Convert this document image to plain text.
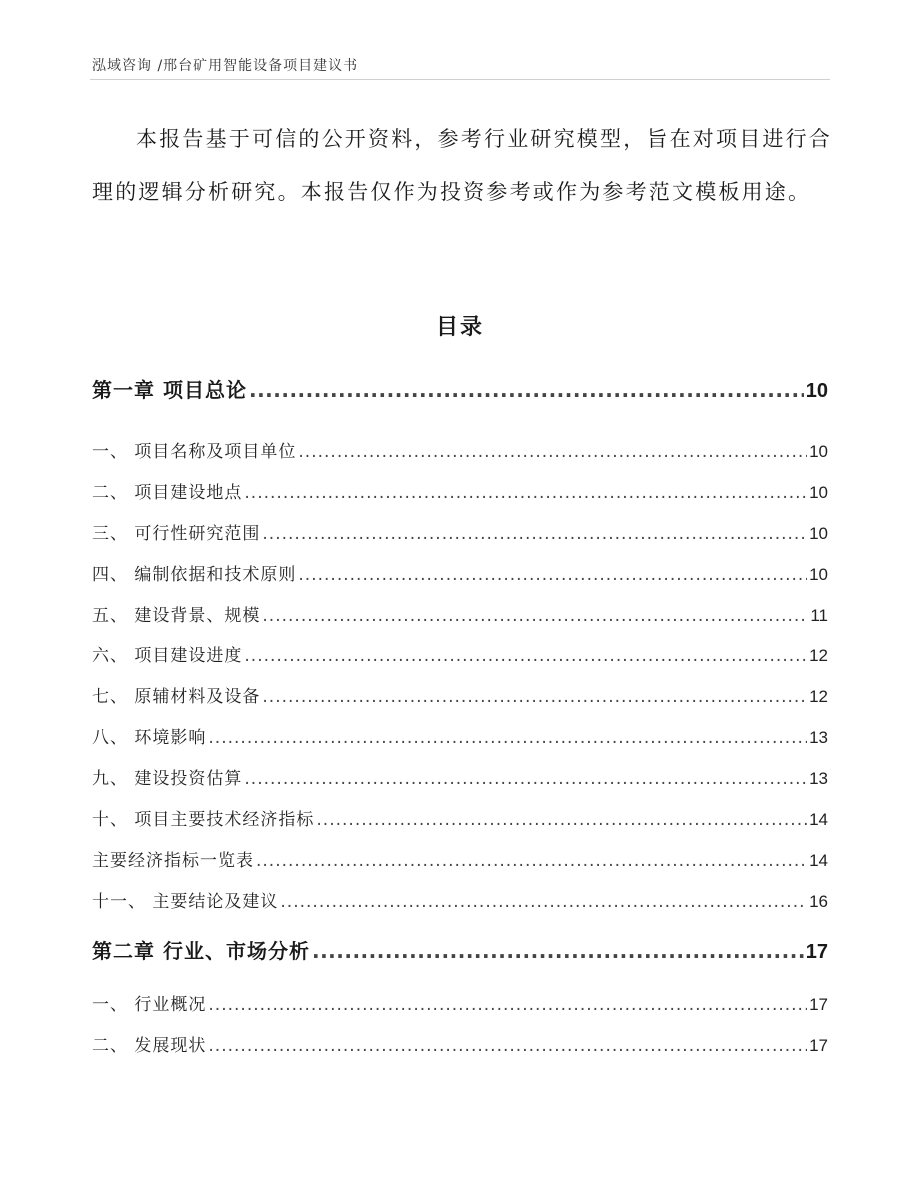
泓域咨询 /邢台矿用智能设备项目建议书

本报告基于可信的公开资料，参考行业研究模型，旨在对项目进行合理的逻辑分析研究。本报告仅作为投资参考或作为参考范文模板用途。

目录
第一章 项目总论 .....	10
一、 项目名称及项目单位 .....	10
二、 项目建设地点 .....	10
三、 可行性研究范围 .....	10
四、 编制依据和技术原则 .....	10
五、 建设背景、规模 .....	11
六、 项目建设进度 .....	12
七、 原辅材料及设备 .....	12
八、 环境影响 .....	13
九、 建设投资估算 .....	13
十、 项目主要技术经济指标 .....	14
主要经济指标一览表 .....	14
十一、 主要结论及建议 .....	16
第二章 行业、市场分析 .....	17
一、 行业概况 .....	17
二、 发展现状 .....	17
